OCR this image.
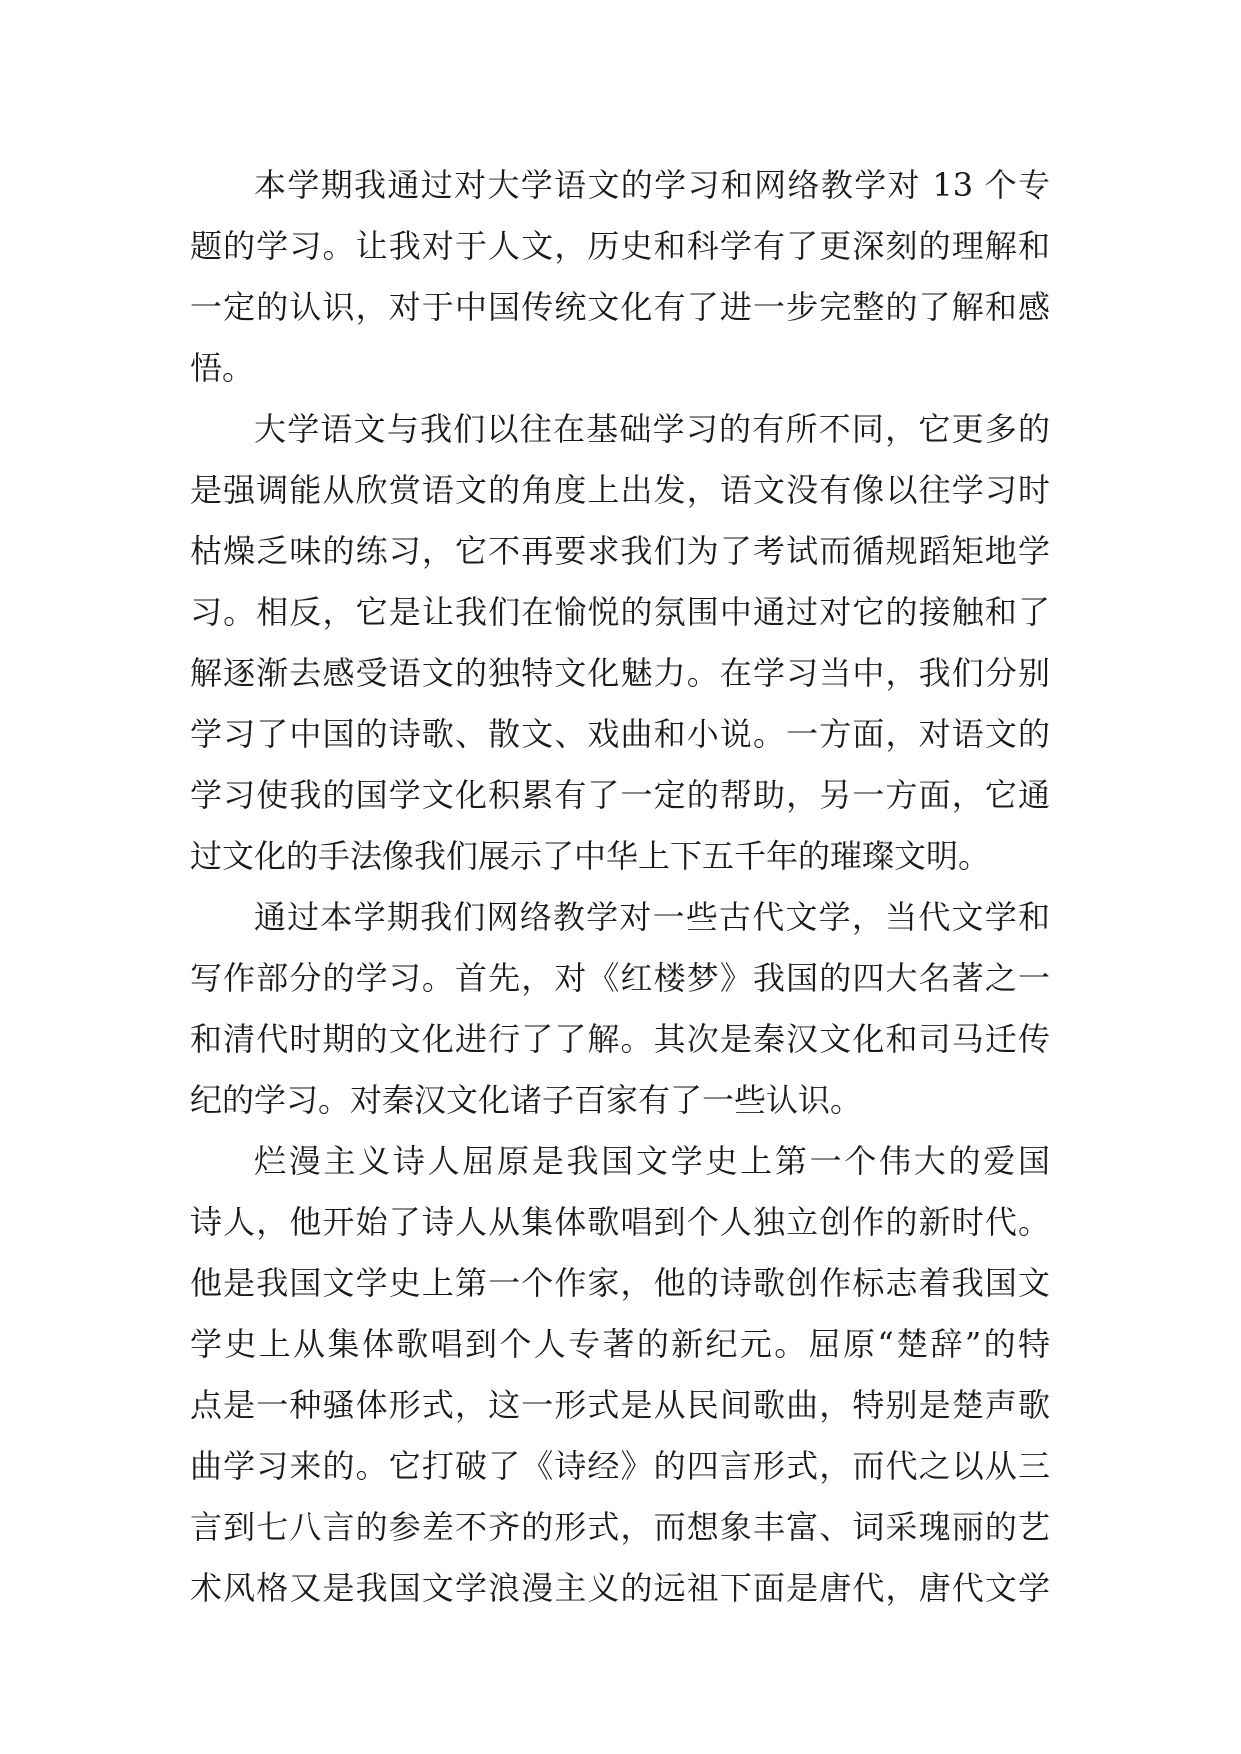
本学期我通过对大学语文的学习和网络教学对 13 个专
题的学习。让我对于人文，历史和科学有了更深刻的理解和
一定的认识，对于中国传统文化有了进一步完整的了解和感
悟。
大学语文与我们以往在基础学习的有所不同，它更多的
是强调能从欣赏语文的角度上出发，语文没有像以往学习时
枯燥乏味的练习，它不再要求我们为了考试而循规蹈矩地学
习。相反，它是让我们在愉悦的氛围中通过对它的接触和了
解逐渐去感受语文的独特文化魅力。在学习当中，我们分别
学习了中国的诗歌、散文、戏曲和小说。一方面，对语文的
学习使我的国学文化积累有了一定的帮助，另一方面，它通
过文化的手法像我们展示了中华上下五千年的璀璨文明。
通过本学期我们网络教学对一些古代文学，当代文学和
写作部分的学习。首先，对《红楼梦》我国的四大名著之一
和清代时期的文化进行了了解。其次是秦汉文化和司马迁传
纪的学习。对秦汉文化诸子百家有了一些认识。
烂漫主义诗人屈原是我国文学史上第一个伟大的爱国
诗人，他开始了诗人从集体歌唱到个人独立创作的新时代。
他是我国文学史上第一个作家，他的诗歌创作标志着我国文
学史上从集体歌唱到个人专著的新纪元。屈原“楚辞”的特
点是一种骚体形式，这一形式是从民间歌曲，特别是楚声歌
曲学习来的。它打破了《诗经》的四言形式，而代之以从三
言到七八言的参差不齐的形式，而想象丰富、词采瑰丽的艺
术风格又是我国文学浪漫主义的远祖下面是唐代，唐代文学
